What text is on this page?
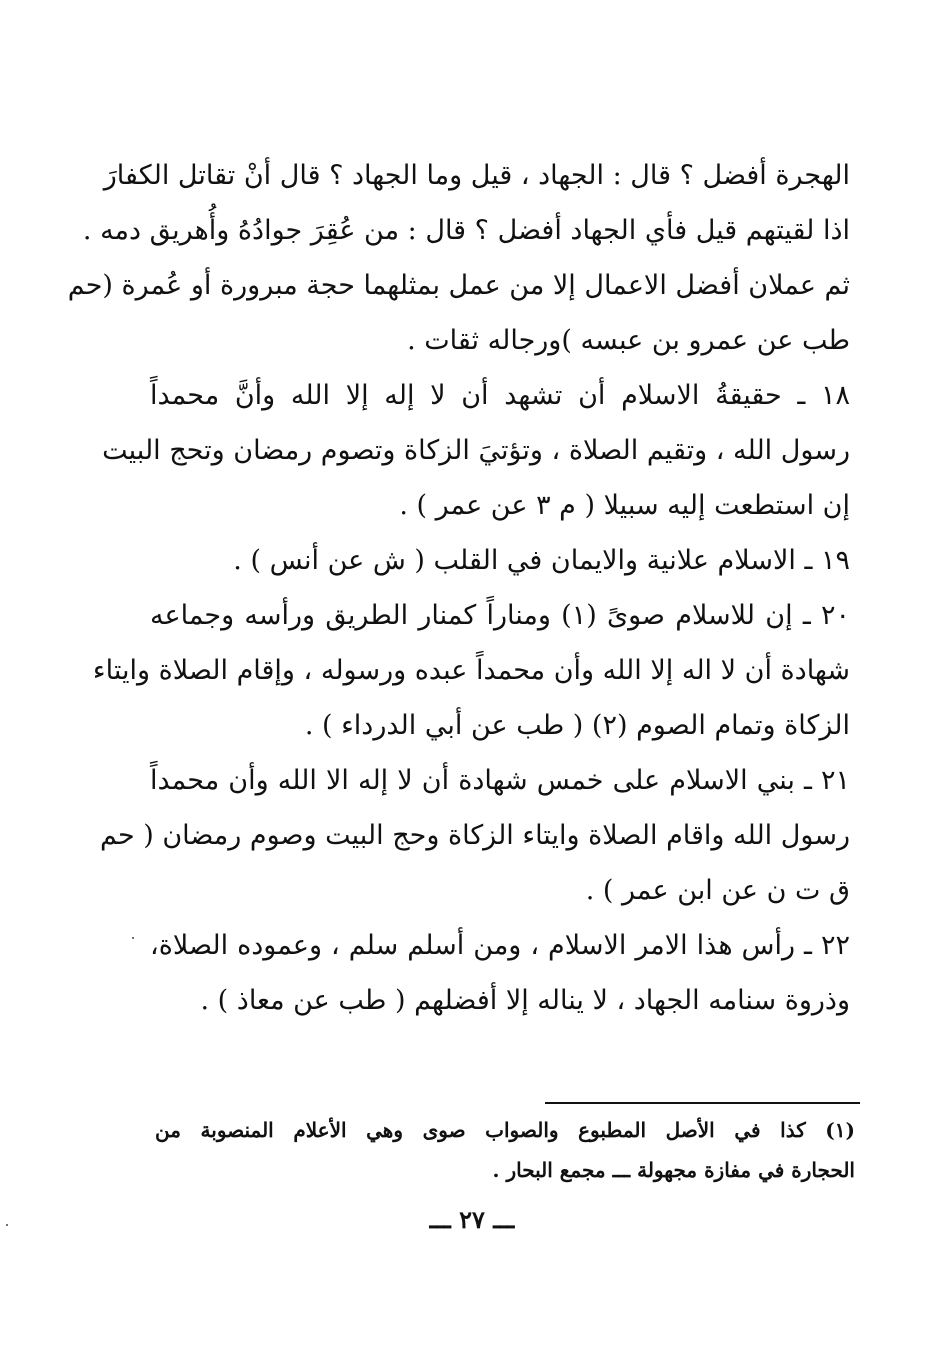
الهجرة أفضل ؟ قال : الجهاد ، قيل وما الجهاد ؟ قال أنْ تقاتل الكفارَ
اذا لقيتهم قيل فأي الجهاد أفضل ؟ قال : من عُقِرَ جوادُهُ وأُهريق دمه .
ثم عملان أفضل الاعمال إلا من عمل بمثلهما حجة مبرورة أو عُمرة (حم
طب عن عمرو بن عبسه )ورجاله ثقات .
١٨ ـ حقيقةُ الاسلام أن تشهد أن لا إله إلا الله وأنَّ محمداً
رسول الله ، وتقيم الصلاة ، وتؤتيَ الزكاة وتصوم رمضان وتحج البيت
إن استطعت إليه سبيلا ( م ٣ عن عمر ) .
١٩ ـ الاسلام علانية والايمان في القلب ( ش عن أنس ) .
٢٠ ـ إن للاسلام صوىً (١) ومناراً كمنار الطريق ورأسه وجماعه
شهادة أن لا اله إلا الله وأن محمداً عبده ورسوله ، وإقام الصلاة وايتاء
الزكاة وتمام الصوم (٢) ( طب عن أبي الدرداء ) .
٢١ ـ بني الاسلام على خمس شهادة أن لا إله الا الله وأن محمداً
رسول الله واقام الصلاة وايتاء الزكاة وحج البيت وصوم رمضان ( حم
ق ت ن عن ابن عمر ) .
٢٢ ـ رأس هذا الامر الاسلام ، ومن أسلم سلم ، وعموده الصلاة،
وذروة سنامه الجهاد ، لا يناله إلا أفضلهم ( طب عن معاذ ) .
(١) كذا في الأصل المطبوع والصواب صوى وهي الأعلام المنصوبة من
الحجارة في مفازة مجهولة ـــ مجمع البحار .
ـــ ٢٧ ـــ
